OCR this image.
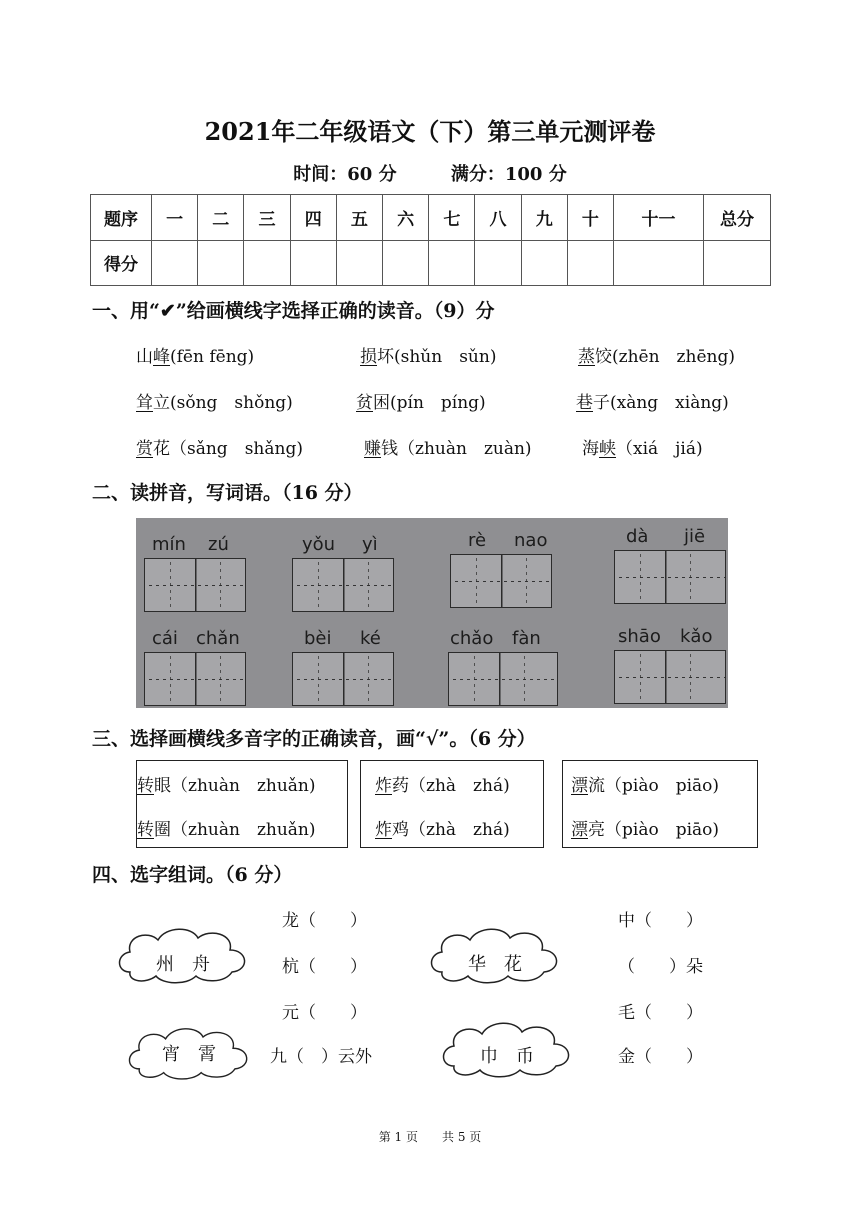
2021年二年级语文（下）第三单元测评卷
时间：60 分	满分：100 分
题序	一	二	三	四	五	六	七	八	九	十	十一	总分
得分												
一、用“✔”给画横线字选择正确的读音。（9）分
山峰(fēn fēng)	损坏(shǔn　sǔn)	蒸饺(zhēn　zhēng)
耸立(sǒng　shǒng)	贫困(pín　píng)	巷子(xàng　xiàng)
赏花（sǎng　shǎng)	赚钱（zhuàn　zuàn)	海峡（xiá　jiá)
二、读拼音，写词语。（16 分）
mín zú	yǒu yì	rè nao	dà jiē
cái chǎn	bèi ké	chǎo fàn	shāo kǎo
三、选择画横线多音字的正确读音，画“√”。（6 分）
转眼（zhuàn　zhuǎn)
转圈（zhuàn　zhuǎn)
炸药（zhà　zhá)
炸鸡（zhà　zhá)
漂流（piào　piāo)
漂亮（piào　piāo)
四、选字组词。（6 分）
州　舟	华　花
宵　霄	巾　币
龙（　　）
杭（　　）
元（　　）
九（　）云外
中（　　）
（　　）朵
毛（　　）
金（　　）
第 1 页　　共 5 页
